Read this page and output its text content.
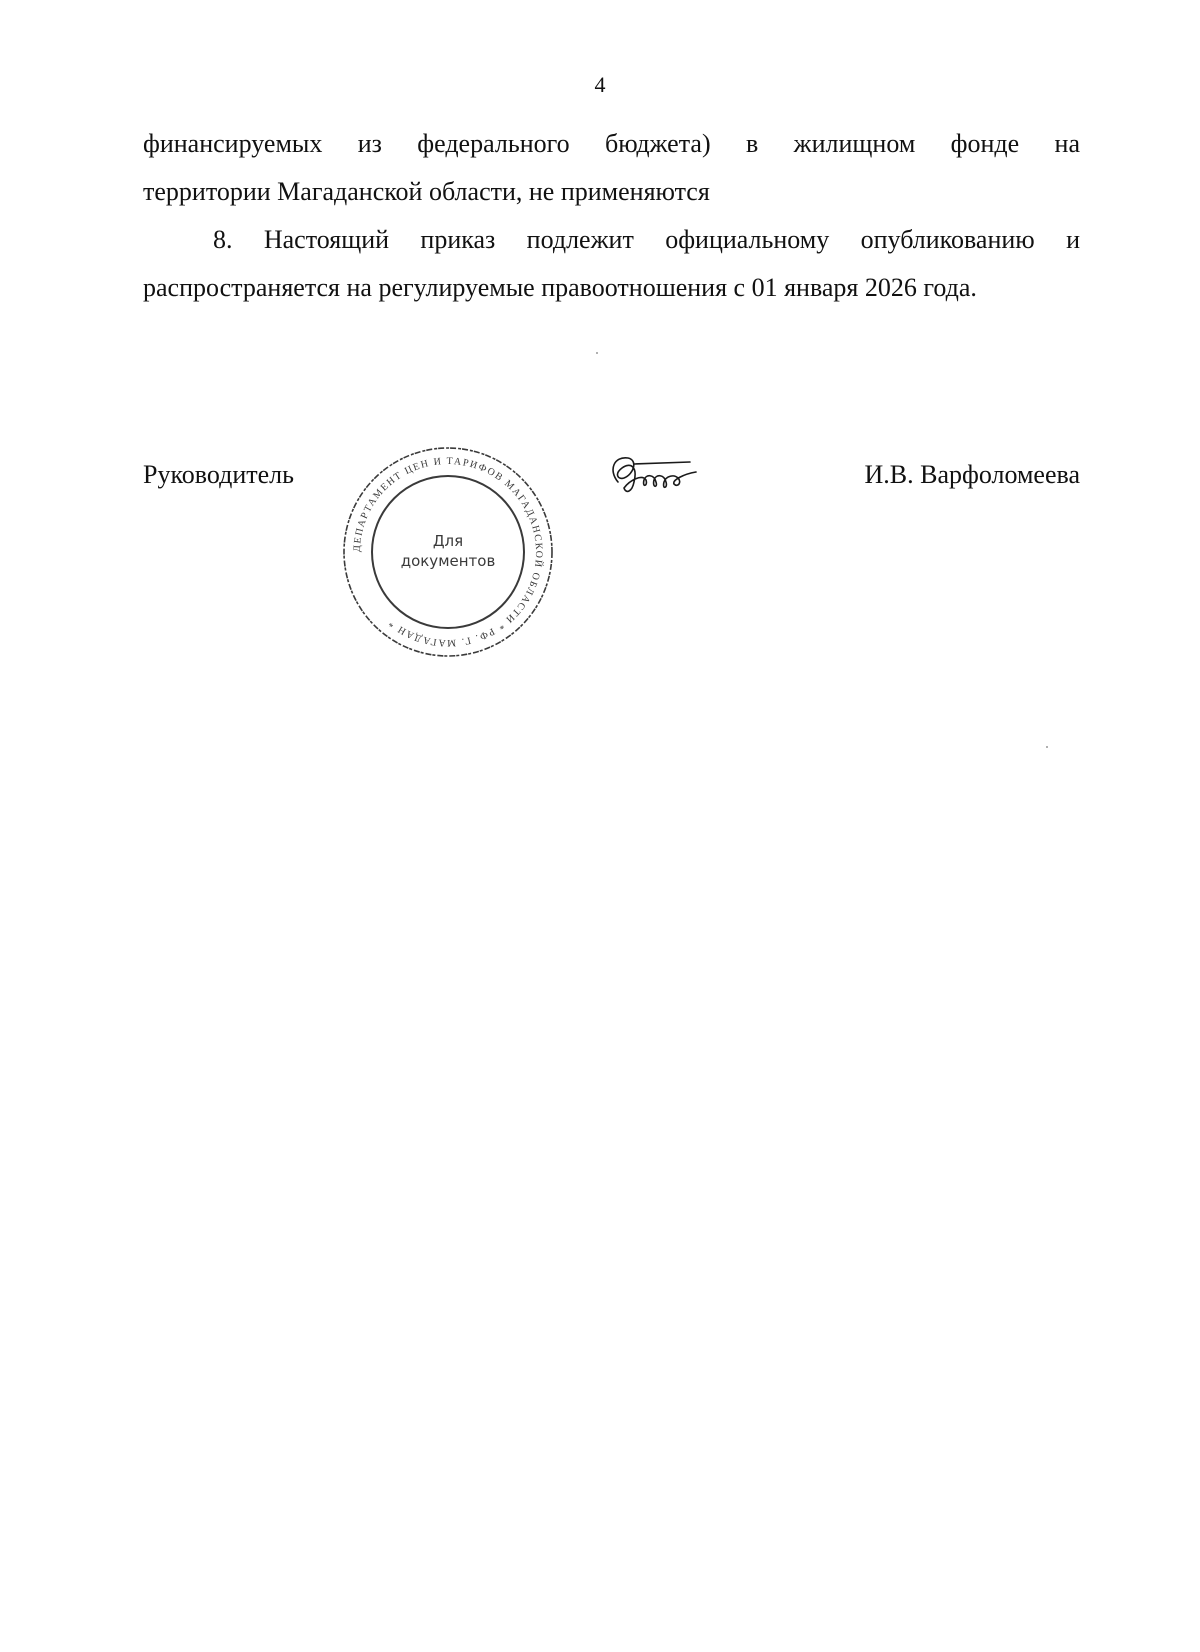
4

финансируемых из федерального бюджета) в жилищном фонде на

территории Магаданской области, не применяются

8. Настоящий приказ подлежит официальному опубликованию и

распространяется на регулируемые правоотношения с 01 января 2026 года.

Руководитель
ДЕПАРТАМЕНТ ЦЕН И ТАРИФОВ МАГАДАНСКОЙ ОБЛАСТИ * РФ. Г. МАГАДАН *
Для
документов
И.В. Варфоломеева
